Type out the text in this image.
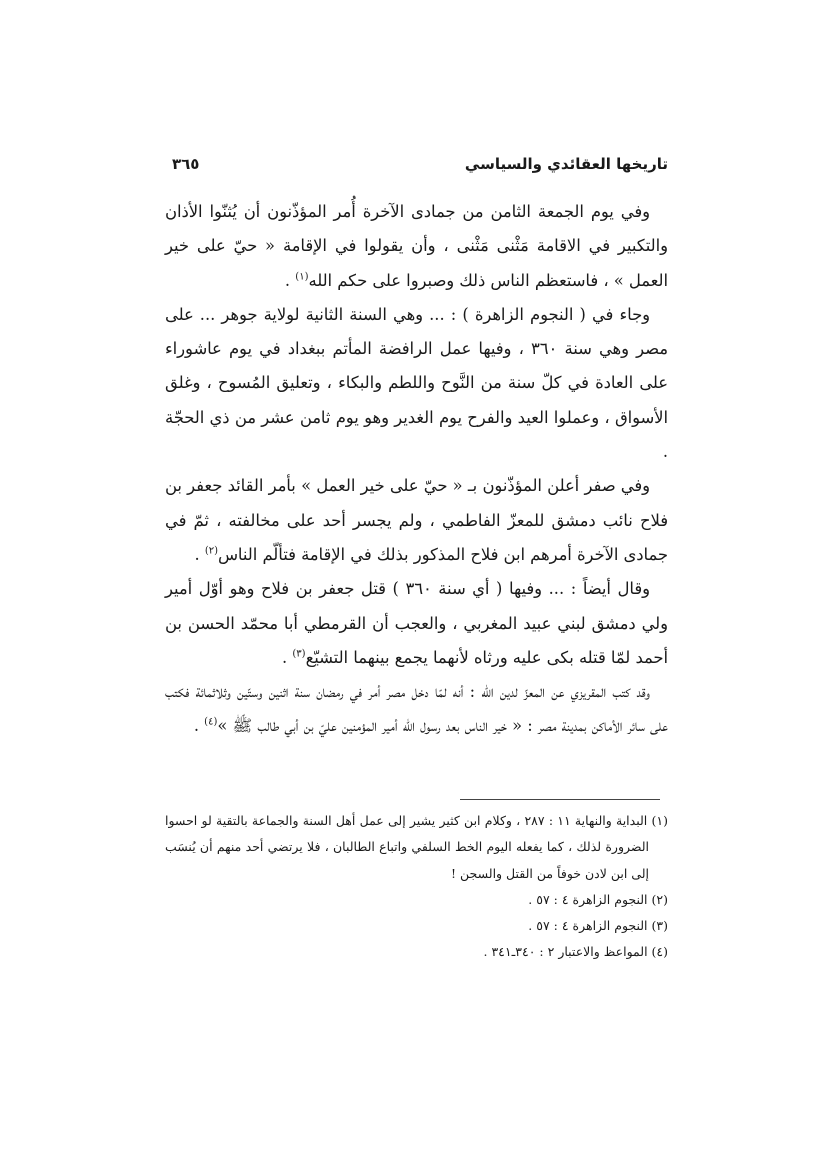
تاريخها العقائدي والسياسي
٣٦٥

وفي يوم الجمعة الثامن من جمادى الآخرة أُمر المؤذّنون أن يُثنّوا الأذان والتكبير في الاقامة مَثْنى مَثْنى ، وأن يقولوا في الإقامة « حيّ على خير العمل » ، فاستعظم الناس ذلك وصبروا على حكم الله$^{(١)}$ .

وجاء في ( النجوم الزاهرة ) : ... وهي السنة الثانية لولاية جوهر ... على مصر وهي سنة ٣٦٠ ، وفيها عمل الرافضة المأتم ببغداد في يوم عاشوراء على العادة في كلّ سنة من النَّوح واللطم والبكاء ، وتعليق المُسوح ، وغلق الأسواق ، وعملوا العيد والفرح يوم الغدير وهو يوم ثامن عشر من ذي الحجّة .

وفي صفر أعلن المؤذّنون بـ « حيّ على خير العمل » بأمر القائد جعفر بن فلاح نائب دمشق للمعزّ الفاطمي ، ولم يجسر أحد على مخالفته ، ثمّ في جمادى الآخرة أمرهم ابن فلاح المذكور بذلك في الإقامة فتألّم الناس$^{(٢)}$ .

وقال أيضاً : ... وفيها ( أي سنة ٣٦٠ ) قتل جعفر بن فلاح وهو أوّل أمير ولي دمشق لبني عبيد المغربي ، والعجب أن القرمطي أبا محمّد الحسن بن أحمد لمّا قتله بكى عليه ورثاه لأنهما يجمع بينهما التشيّع$^{(٣)}$ .

وقد كتب المقريزي عن المعزّ لدين الله : أنه لمّا دخل مصر أمر في رمضان سنة اثنين وستّين وثلاثمائة فكتب على سائر الأماكن بمدينة مصر : « خير الناس بعد رسول الله أمير المؤمنين عليّ بن أبي طالب ﷺ »$^{(٤)}$ .

(١) البداية والنهاية ١١ : ٢٨٧ ، وكلام ابن كثير يشير إلى عمل أهل السنة والجماعة بالتقية لو احسوا الضرورة لذلك ، كما يفعله اليوم الخط السلفي واتباع الطالبان ، فلا يرتضي أحد منهم أن يُنسَب إلى ابن لادن خوفاً من القتل والسجن !

(٢) النجوم الزاهرة ٤ : ٥٧ .

(٣) النجوم الزاهرة ٤ : ٥٧ .

(٤) المواعظ والاعتبار ٢ : ٣٤٠ـ٣٤١ .
